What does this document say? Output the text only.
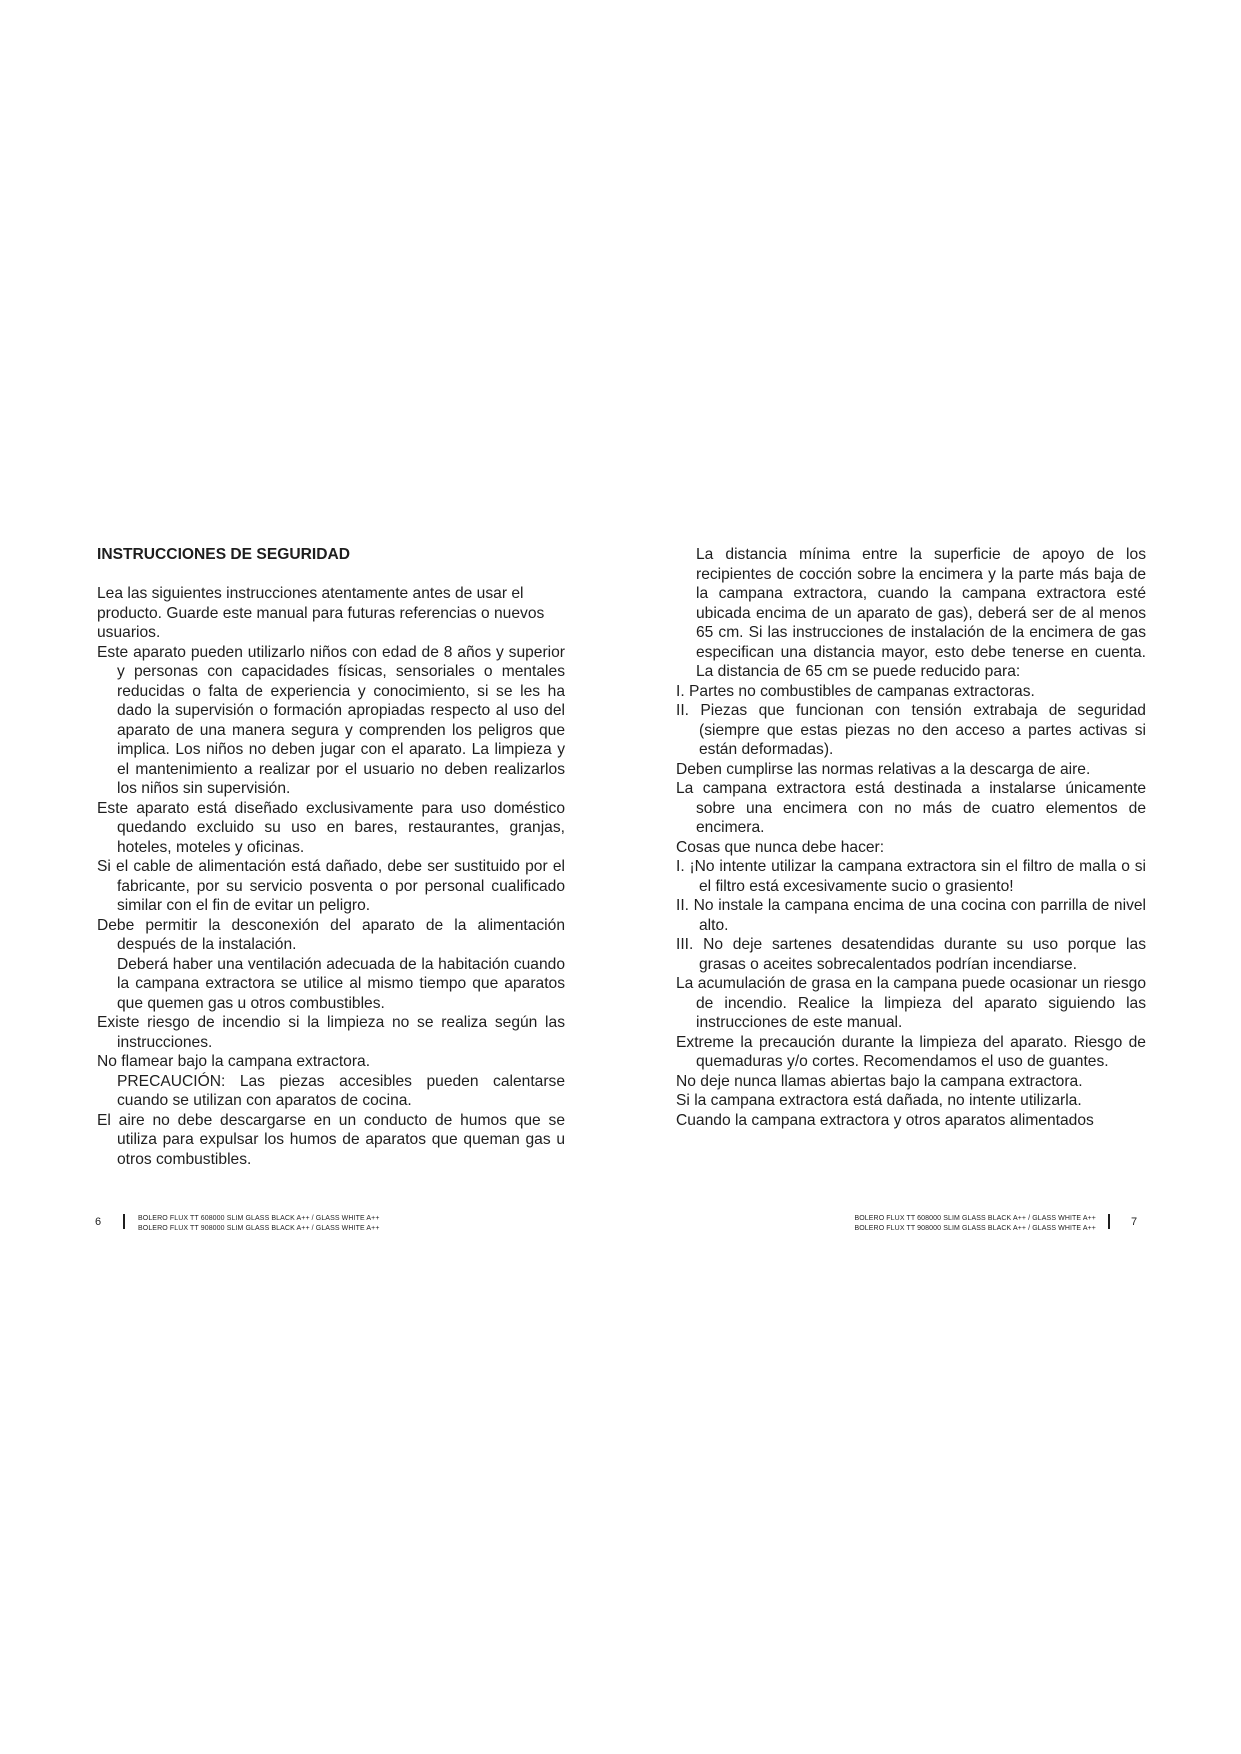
INSTRUCCIONES DE SEGURIDAD

Lea las siguientes instrucciones atentamente antes de usar el producto. Guarde este manual para futuras referencias o nuevos usuarios.

Este aparato pueden utilizarlo niños con edad de 8 años y superior y personas con capacidades físicas, sensoriales o mentales reducidas o falta de experiencia y conocimiento, si se les ha dado la supervisión o formación apropiadas respecto al uso del aparato de una manera segura y comprenden los peligros que implica. Los niños no deben jugar con el aparato. La limpieza y el mantenimiento a realizar por el usuario no deben realizarlos los niños sin supervisión.

Este aparato está diseñado exclusivamente para uso doméstico quedando excluido su uso en bares, restaurantes, granjas, hoteles, moteles y oficinas.

Si el cable de alimentación está dañado, debe ser sustituido por el fabricante, por su servicio posventa o por personal cualificado similar con el fin de evitar un peligro.

Debe permitir la desconexión del aparato de la alimentación después de la instalación.

Deberá haber una ventilación adecuada de la habitación cuando la campana extractora se utilice al mismo tiempo que aparatos que quemen gas u otros combustibles.

Existe riesgo de incendio si la limpieza no se realiza según las instrucciones.

No flamear bajo la campana extractora.

PRECAUCIÓN: Las piezas accesibles pueden calentarse cuando se utilizan con aparatos de cocina.

El aire no debe descargarse en un conducto de humos que se utiliza para expulsar los humos de aparatos que queman gas u otros combustibles.

La distancia mínima entre la superficie de apoyo de los recipientes de cocción sobre la encimera y la parte más baja de la campana extractora, cuando la campana extractora esté ubicada encima de un aparato de gas), deberá ser de al menos 65 cm. Si las instrucciones de instalación de la encimera de gas especifican una distancia mayor, esto debe tenerse en cuenta. La distancia de 65 cm se puede reducido para:

I. Partes no combustibles de campanas extractoras.

II. Piezas que funcionan con tensión extrabaja de seguridad (siempre que estas piezas no den acceso a partes activas si están deformadas).

Deben cumplirse las normas relativas a la descarga de aire.

La campana extractora está destinada a instalarse únicamente sobre una encimera con no más de cuatro elementos de encimera.

Cosas que nunca debe hacer:

I. ¡No intente utilizar la campana extractora sin el filtro de malla o si el filtro está excesivamente sucio o grasiento!

II. No instale la campana encima de una cocina con parrilla de nivel alto.

III. No deje sartenes desatendidas durante su uso porque las grasas o aceites sobrecalentados podrían incendiarse.

La acumulación de grasa en la campana puede ocasionar un riesgo de incendio. Realice la limpieza del aparato siguiendo las instrucciones de este manual.

Extreme la precaución durante la limpieza del aparato. Riesgo de quemaduras y/o cortes. Recomendamos el uso de guantes.

No deje nunca llamas abiertas bajo la campana extractora.

Si la campana extractora está dañada, no intente utilizarla.

Cuando la campana extractora y otros aparatos alimentados

6	BOLERO FLUX TT 608000 SLIM GLASS BLACK A++ / GLASS WHITE A++
BOLERO FLUX TT 908000 SLIM GLASS BLACK A++ / GLASS WHITE A++
BOLERO FLUX TT 608000 SLIM GLASS BLACK A++ / GLASS WHITE A++
BOLERO FLUX TT 908000 SLIM GLASS BLACK A++ / GLASS WHITE A++
7
